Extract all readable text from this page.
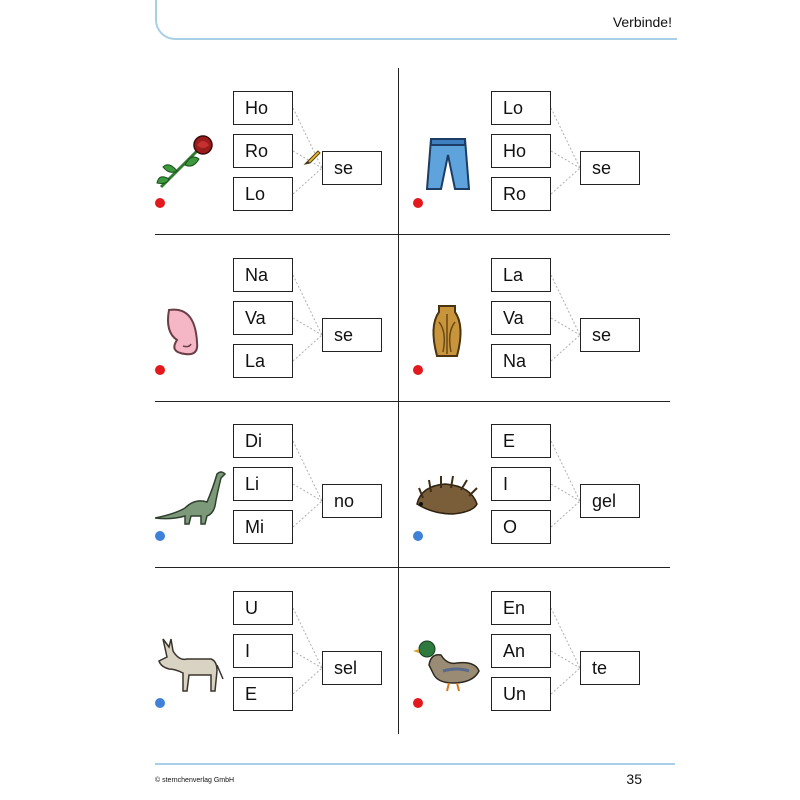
Verbinde!
Ho
Ro
Lo
se
Lo
Ho
Ro
se
Na
Va
La
se
La
Va
Na
se
Di
Li
Mi
no
E
I
O
gel
U
I
E
sel
En
An
Un
te
© sternchenverlag GmbH	35
